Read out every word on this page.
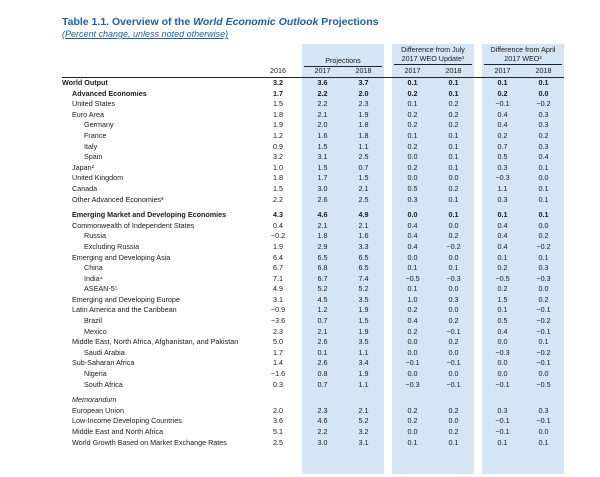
Table 1.1. Overview of the World Economic Outlook Projections
(Percent change, unless noted otherwise)
Projections
Difference from July
2017 WEO Update¹
Difference from April
2017 WEO²
2016	2017	2018	2017	2018	2017	2018
World Output	3.2		3.6	3.7		0.1	0.1		0.1	0.1
Advanced Economies	1.7		2.2	2.0		0.2	0.1		0.2	0.0
United States	1.5		2.2	2.3		0.1	0.2		−0.1	−0.2
Euro Area	1.8		2.1	1.9		0.2	0.2		0.4	0.3
Germany	1.9		2.0	1.8		0.2	0.2		0.4	0.3
France	1.2		1.6	1.8		0.1	0.1		0.2	0.2
Italy	0.9		1.5	1.1		0.2	0.1		0.7	0.3
Spain	3.2		3.1	2.5		0.0	0.1		0.5	0.4
Japan²	1.0		1.5	0.7		0.2	0.1		0.3	0.1
United Kingdom	1.8		1.7	1.5		0.0	0.0		−0.3	0.0
Canada	1.5		3.0	2.1		0.5	0.2		1.1	0.1
Other Advanced Economies³	2.2		2.6	2.5		0.3	0.1		0.3	0.1

Emerging Market and Developing Economies	4.3		4.6	4.9		0.0	0.1		0.1	0.1
Commonwealth of Independent States	0.4		2.1	2.1		0.4	0.0		0.4	0.0
Russia	−0.2		1.8	1.6		0.4	0.2		0.4	0.2
Excluding Russia	1.9		2.9	3.3		0.4	−0.2		0.4	−0.2
Emerging and Developing Asia	6.4		6.5	6.5		0.0	0.0		0.1	0.1
China	6.7		6.8	6.5		0.1	0.1		0.2	0.3
India⁴	7.1		6.7	7.4		−0.5	−0.3		−0.5	−0.3
ASEAN-5⁵	4.9		5.2	5.2		0.1	0.0		0.2	0.0
Emerging and Developing Europe	3.1		4.5	3.5		1.0	0.3		1.5	0.2
Latin America and the Caribbean	−0.9		1.2	1.9		0.2	0.0		0.1	−0.1
Brazil	−3.6		0.7	1.5		0.4	0.2		0.5	−0.2
Mexico	2.3		2.1	1.9		0.2	−0.1		0.4	−0.1
Middle East, North Africa, Afghanistan, and Pakistan	5.0		2.6	3.5		0.0	0.2		0.0	0.1
Saudi Arabia	1.7		0.1	1.1		0.0	0.0		−0.3	−0.2
Sub-Saharan Africa	1.4		2.6	3.4		−0.1	−0.1		0.0	−0.1
Nigeria	−1.6		0.8	1.9		0.0	0.0		0.0	0.0
South Africa	0.3		0.7	1.1		−0.3	−0.1		−0.1	−0.5

Memorandum										
European Union	2.0		2.3	2.1		0.2	0.2		0.3	0.3
Low-Income Developing Countries	3.6		4.6	5.2		0.2	0.0		−0.1	−0.1
Middle East and North Africa	5.1		2.2	3.2		0.0	0.2		−0.1	0.0
World Growth Based on Market Exchange Rates	2.5		3.0	3.1		0.1	0.1		0.1	0.1
